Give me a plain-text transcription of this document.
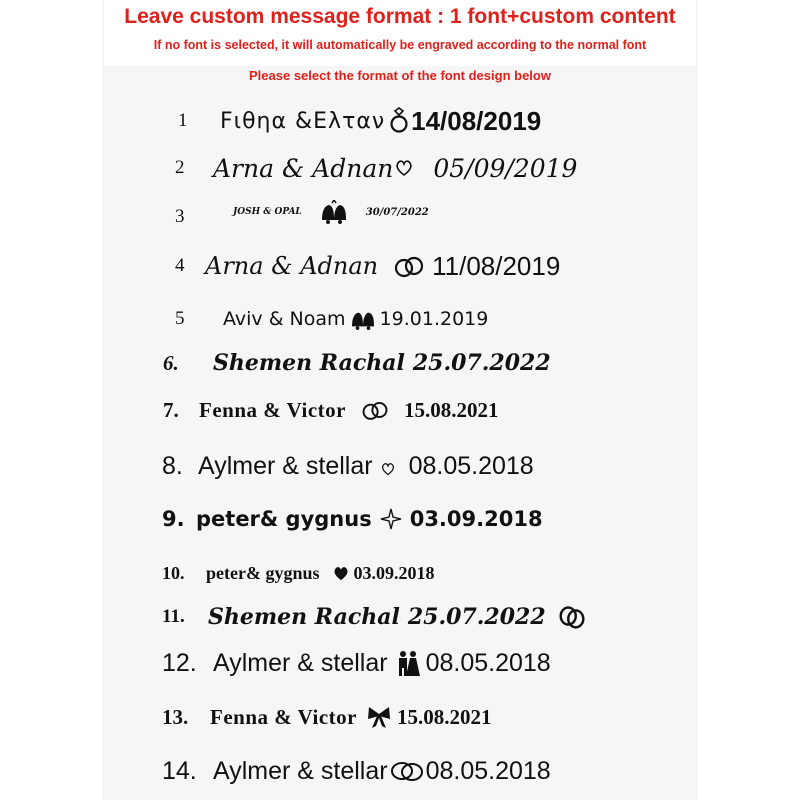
Leave custom message format : 1 font+custom content
If no font is selected, it will automatically be engraved according to the normal font
Please select the format of the font design below
1	Fιθηα &Eλταν 14/08/2019
2	Arna & Adnan 05/09/2019
3	JOSH & OPAL	30/07/2022
4 Arna & Adnan 11/08/2019
5	Aviv & Noam 19.01.2019
6.	Shemen Rachal 25.07.2022
7. Fenna & Victor	15.08.2021
8. Aylmer & stellar 08.05.2018
9. peter& gygnus 03.09.2018
10.	peter& gygnus 03.09.2018
11.	Shemen Rachal 25.07.2022
12. Aylmer & stellar 08.05.2018
13.	Fenna & Victor 15.08.2021
14. Aylmer & stellar 08.05.2018
